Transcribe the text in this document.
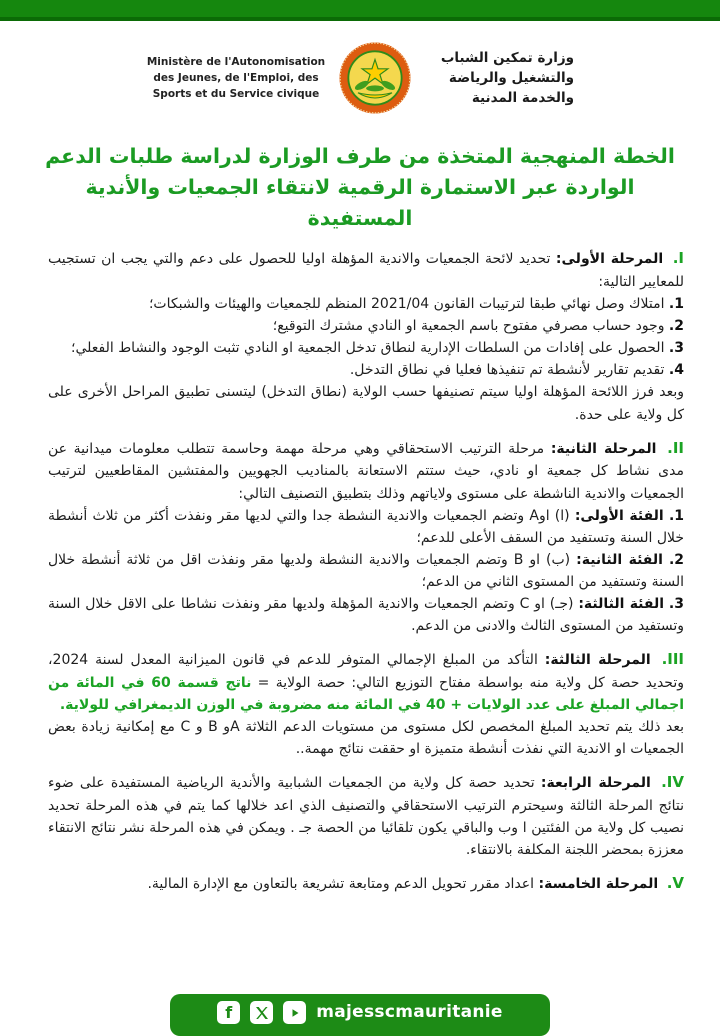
Ministère de l'Autonomisation
des Jeunes, de l'Emploi, des
Sports et du Service civique
وزارة تمكين الشباب
والتشغيل والرياضة
والخدمة المدنية
الخطة المنهجية المتخذة من طرف الوزارة لدراسة طلبات الدعم الواردة عبر الاستمارة الرقمية لانتقاء الجمعيات والأندية المستفيدة

I. المرحلة الأولى: تحديد لائحة الجمعيات والاندية المؤهلة اوليا للحصول على دعم والتي يجب ان تستجيب للمعايير التالية:

1. امتلاك وصل نهائي طبقا لترتيبات القانون 2021/04 المنظم للجمعيات والهيئات والشبكات؛

2. وجود حساب مصرفي مفتوح باسم الجمعية او النادي مشترك التوقيع؛

3. الحصول على إفادات من السلطات الإدارية لنطاق تدخل الجمعية او النادي تثبت الوجود والنشاط الفعلي؛

4. تقديم تقارير لأنشطة تم تنفيذها فعليا في نطاق التدخل.

وبعد فرز اللائحة المؤهلة اوليا سيتم تصنيفها حسب الولاية (نطاق التدخل) ليتسنى تطبيق المراحل الأخرى على كل ولاية على حدة.

II. المرحلة الثانية: مرحلة الترتيب الاستحقاقي وهي مرحلة مهمة وحاسمة تتطلب معلومات ميدانية عن مدى نشاط كل جمعية او نادي، حيث ستتم الاستعانة بالمناديب الجهويين والمفتشين المقاطعيين لترتيب الجمعيات والاندية الناشطة على مستوى ولاياتهم وذلك بتطبيق التصنيف التالي:

1. الفئة الأولى: (ا) اوA وتضم الجمعيات والاندية النشطة جدا والتي لديها مقر ونفذت أكثر من ثلاث أنشطة خلال السنة وتستفيد من السقف الأعلى للدعم؛

2. الفئة الثانية: (ب) او B وتضم الجمعيات والاندية النشطة ولديها مقر ونفذت اقل من ثلاثة أنشطة خلال السنة وتستفيد من المستوى الثاني من الدعم؛

3. الفئة الثالثة: (جـ) او C وتضم الجمعيات والاندية المؤهلة ولديها مقر ونفذت نشاطا على الاقل خلال السنة وتستفيد من المستوى الثالث والادنى من الدعم.

III. المرحلة الثالثة: التأكد من المبلغ الإجمالي المتوفر للدعم في قانون الميزانية المعدل لسنة 2024، وتحديد حصة كل ولاية منه بواسطة مفتاح التوزيع التالي: حصة الولاية = ناتج قسمة 60 في المائة من اجمالي المبلغ على عدد الولايات + 40 في المائة منه مضروبة في الوزن الديمغرافي للولاية.

بعد ذلك يتم تحديد المبلغ المخصص لكل مستوى من مستويات الدعم الثلاثة Aو B و C مع إمكانية زيادة بعض الجمعيات او الاندية التي نفذت أنشطة متميزة او حققت نتائج مهمة..

IV. المرحلة الرابعة: تحديد حصة كل ولاية من الجمعيات الشبابية والأندية الرياضية المستفيدة على ضوء نتائج المرحلة الثالثة وسيحترم الترتيب الاستحقاقي والتصنيف الذي اعد خلالها كما يتم في هذه المرحلة تحديد نصيب كل ولاية من الفئتين ا وب والباقي يكون تلقائيا من الحصة جـ . ويمكن في هذه المرحلة نشر نتائج الانتقاء معززة بمحضر اللجنة المكلفة بالانتقاء.

V. المرحلة الخامسة: اعداد مقرر تحويل الدعم ومتابعة تشريعة بالتعاون مع الإدارة المالية.

f	majesscmauritanie
